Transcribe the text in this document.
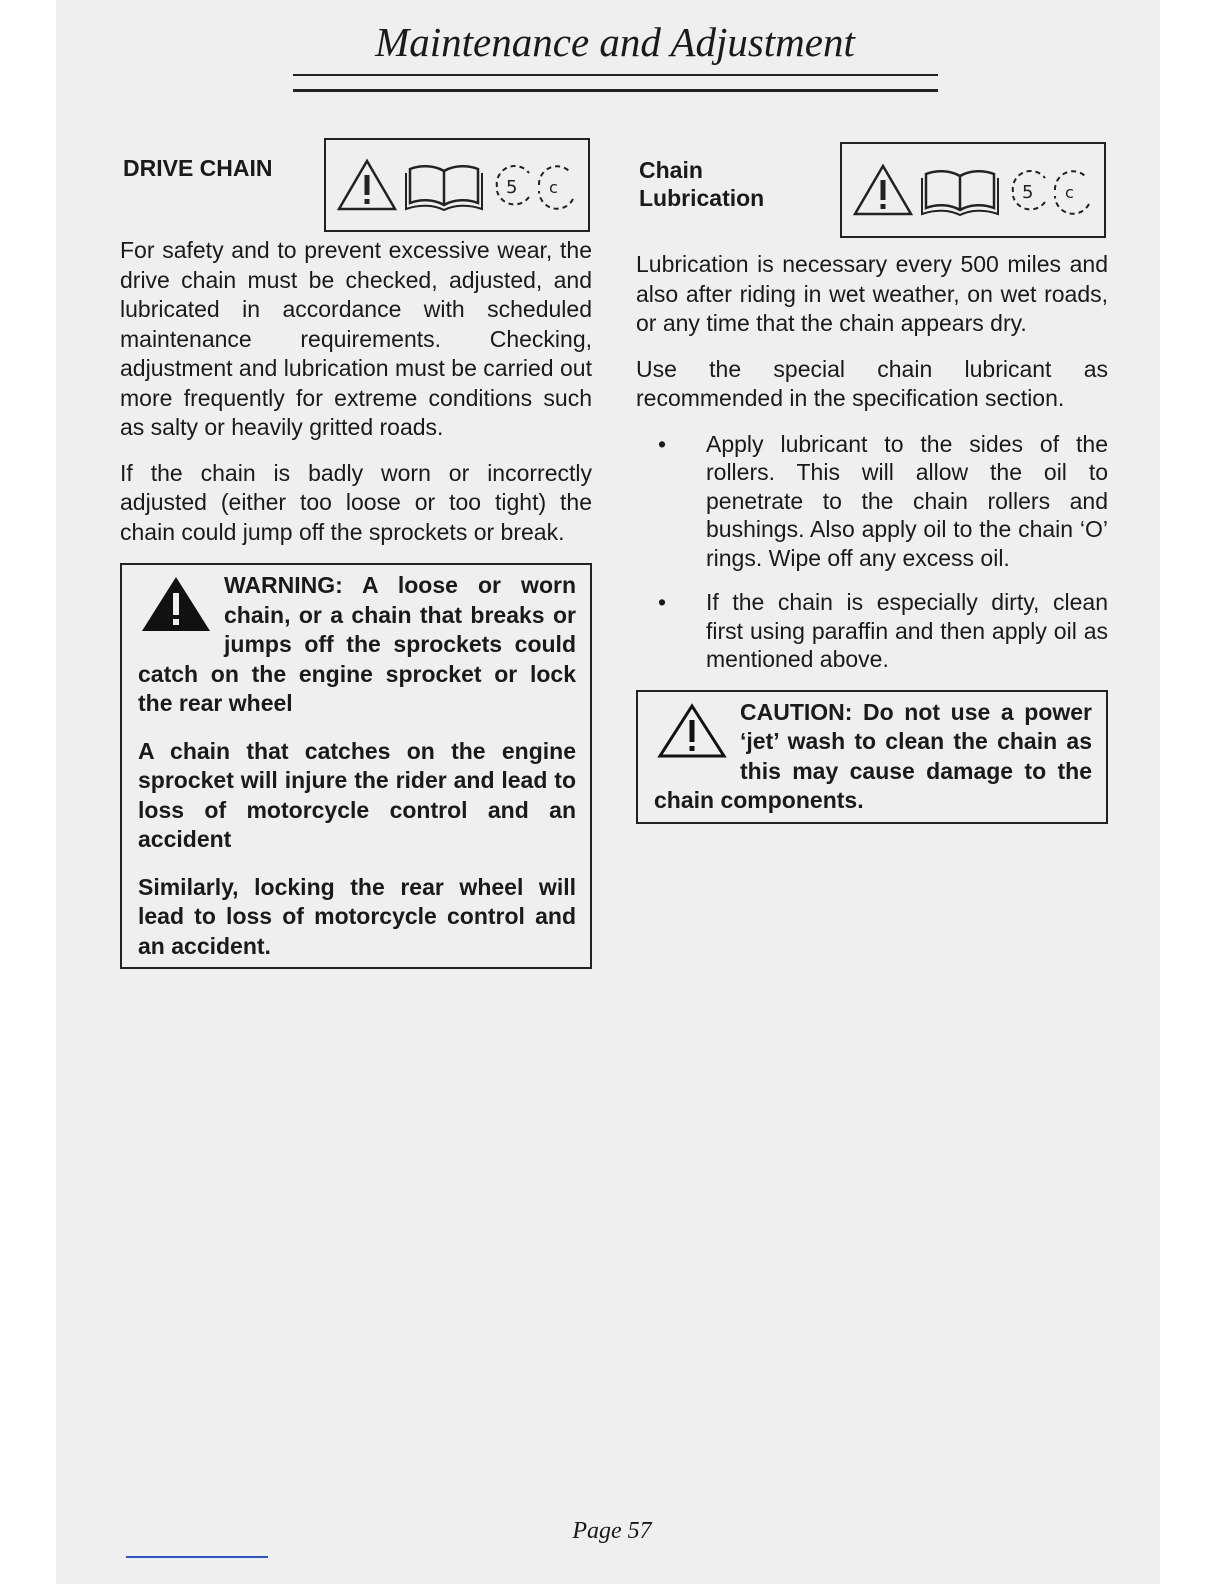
Maintenance and Adjustment
DRIVE CHAIN
5 c

For safety and to prevent excessive wear, the drive chain must be checked, adjusted, and lubricated in accordance with scheduled maintenance requirements. Checking, adjustment and lubrication must be carried out more frequently for extreme conditions such as salty or heavily gritted roads.

If the chain is badly worn or incorrectly adjusted (either too loose or too tight) the chain could jump off the sprockets or break.

WARNING: A loose or worn chain, or a chain that breaks or jumps off the sprockets could catch on the engine sprocket or lock the rear wheel

A chain that catches on the engine sprocket will injure the rider and lead to loss of motorcycle control and an accident

Similarly, locking the rear wheel will lead to loss of motorcycle control and an accident.

Chain
Lubrication	5 c

Lubrication is necessary every 500 miles and also after riding in wet weather, on wet roads, or any time that the chain appears dry.

Use the special chain lubricant as recommended in the specification section.

• Apply lubricant to the sides of the rollers. This will allow the oil to penetrate to the chain rollers and bushings. Also apply oil to the chain ‘O’ rings. Wipe off any excess oil.
• If the chain is especially dirty, clean first using paraffin and then apply oil as mentioned above.

CAUTION: Do not use a power ‘jet’ wash to clean the chain as this may cause damage to the chain components.

Page 57
